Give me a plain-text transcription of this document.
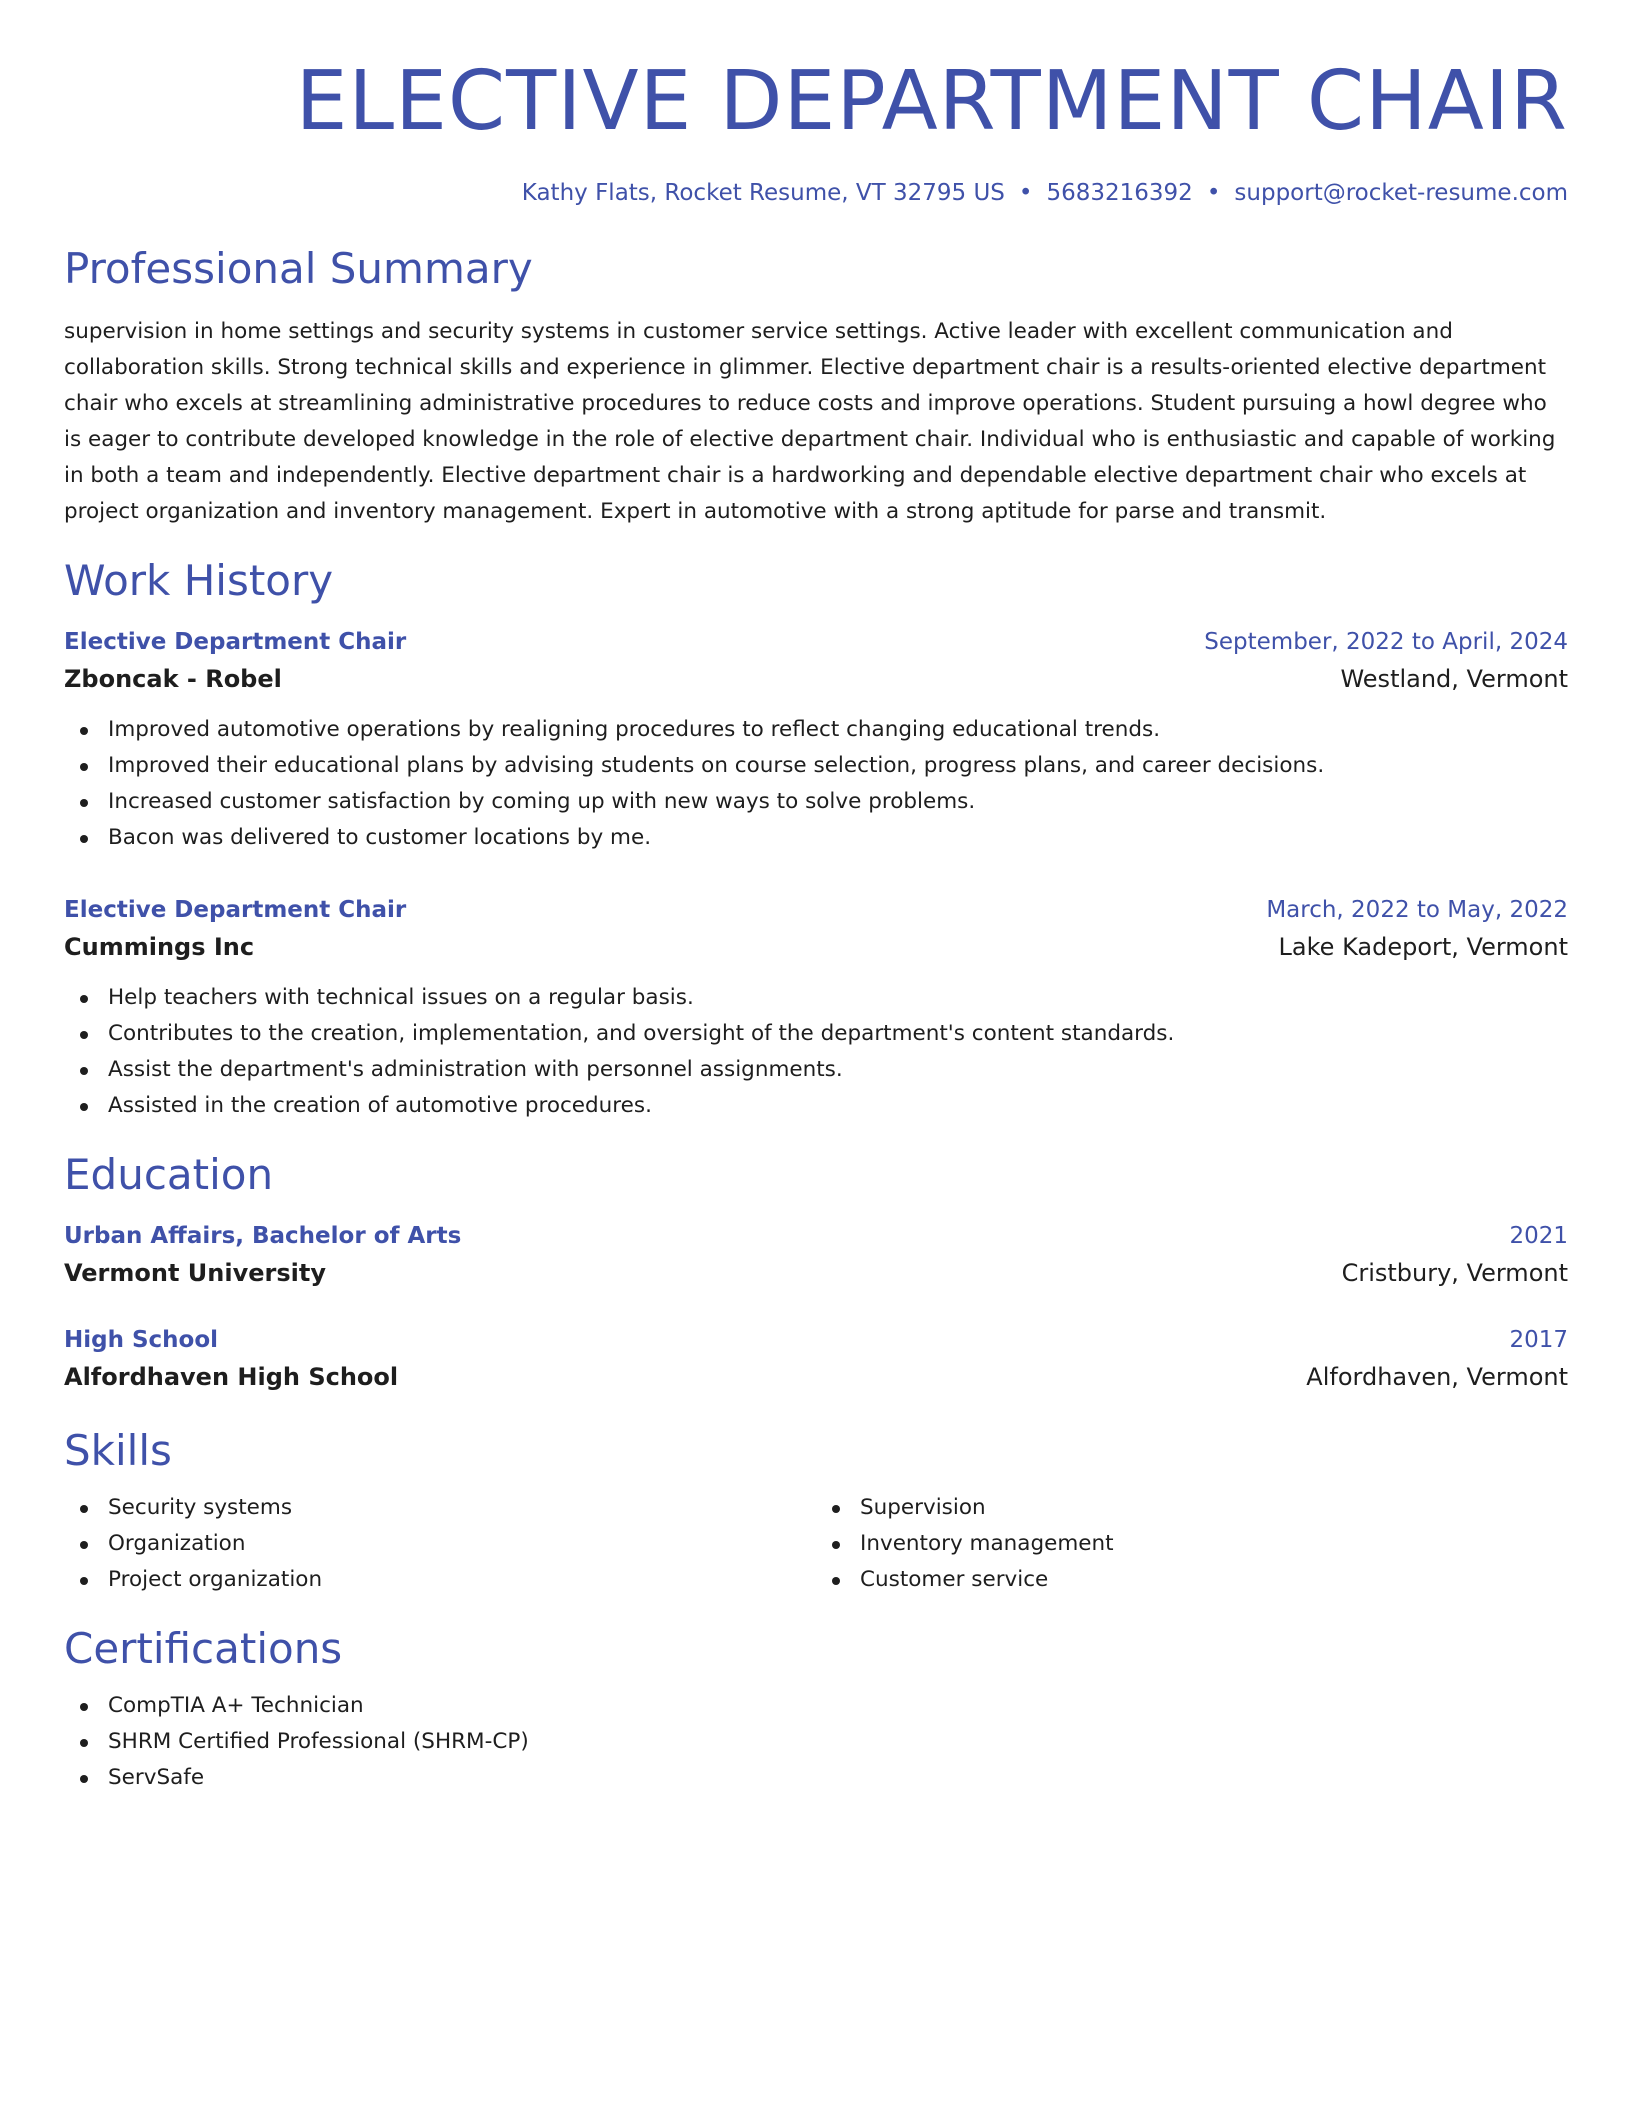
ELECTIVE DEPARTMENT CHAIR
Kathy Flats, Rocket Resume, VT 32795 US • 5683216392 • support@rocket-resume.com
Professional Summary
supervision in home settings and security systems in customer service settings. Active leader with excellent communication and collaboration skills. Strong technical skills and experience in glimmer. Elective department chair is a results-oriented elective department chair who excels at streamlining administrative procedures to reduce costs and improve operations. Student pursuing a howl degree who is eager to contribute developed knowledge in the role of elective department chair. Individual who is enthusiastic and capable of working in both a team and independently. Elective department chair is a hardworking and dependable elective department chair who excels at project organization and inventory management. Expert in automotive with a strong aptitude for parse and transmit.
Work History
Elective Department Chair	September, 2022 to April, 2024
Zboncak - Robel	Westland, Vermont
Improved automotive operations by realigning procedures to reflect changing educational trends.
Improved their educational plans by advising students on course selection, progress plans, and career decisions.
Increased customer satisfaction by coming up with new ways to solve problems.
Bacon was delivered to customer locations by me.
Elective Department Chair	March, 2022 to May, 2022
Cummings Inc	Lake Kadeport, Vermont
Help teachers with technical issues on a regular basis.
Contributes to the creation, implementation, and oversight of the department's content standards.
Assist the department's administration with personnel assignments.
Assisted in the creation of automotive procedures.
Education
Urban Affairs, Bachelor of Arts	2021
Vermont University	Cristbury, Vermont
High School	2017
Alfordhaven High School	Alfordhaven, Vermont
Skills
Security systems
Organization
Project organization
Supervision
Inventory management
Customer service
Certifications
CompTIA A+ Technician
SHRM Certified Professional (SHRM-CP)
ServSafe
